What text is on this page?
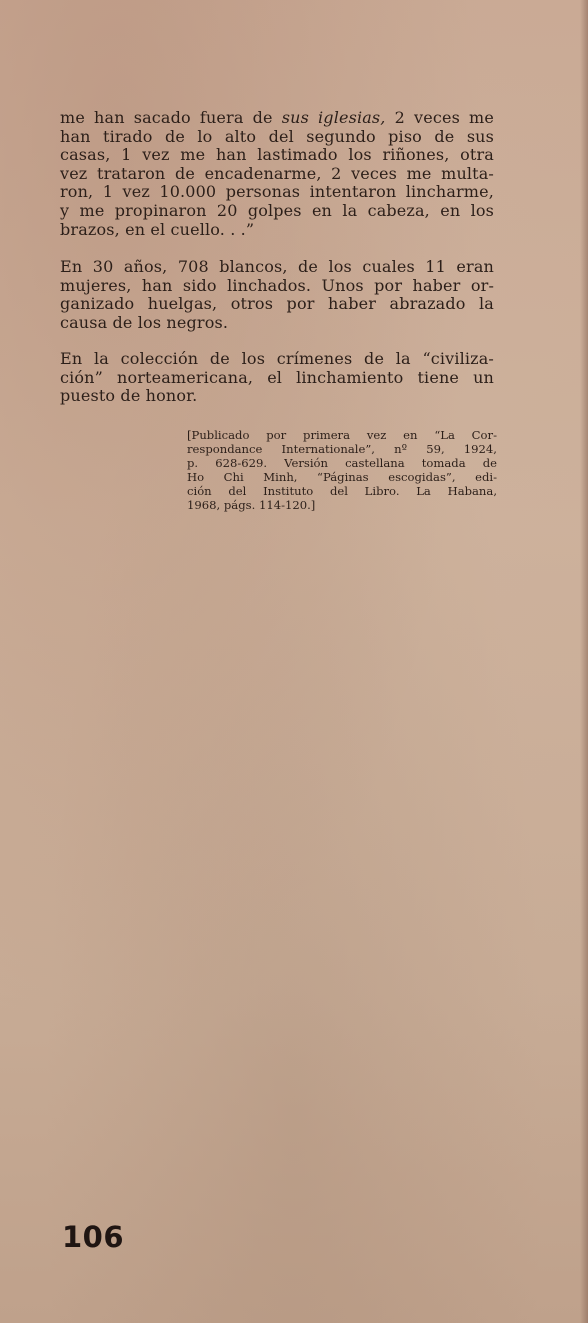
me han sacado fuera de sus iglesias, 2 veces me
han tirado de lo alto del segundo piso de sus
casas, 1 vez me han lastimado los riñones, otra
vez trataron de encadenarme, 2 veces me multa-
ron, 1 vez 10.000 personas intentaron lincharme,
y me propinaron 20 golpes en la cabeza, en los
brazos, en el cuello. . .”

En 30 años, 708 blancos, de los cuales 11 eran
mujeres, han sido linchados. Unos por haber or-
ganizado huelgas, otros por haber abrazado la
causa de los negros.

En la colección de los crímenes de la “civiliza-
ción” norteamericana, el linchamiento tiene un
puesto de honor.

[Publicado por primera vez en “La Cor-
respondance Internationale”, nº 59, 1924,
p. 628-629. Versión castellana tomada de
Ho Chi Minh, “Páginas escogidas”, edi-
ción del Instituto del Libro. La Habana,
1968, págs. 114-120.]

106
